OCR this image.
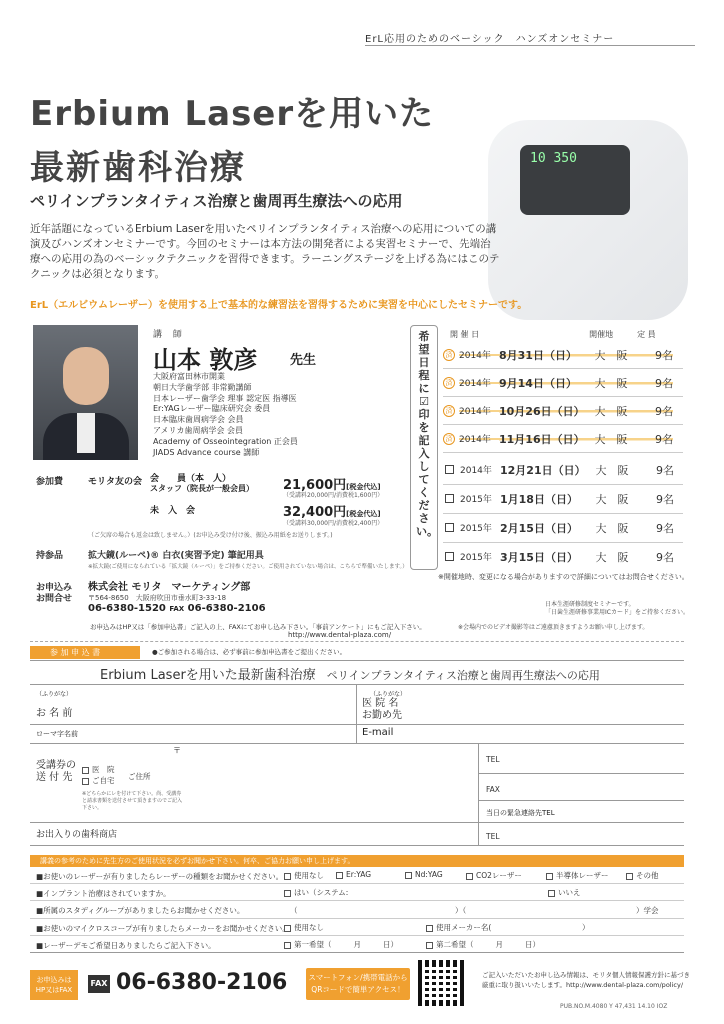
ErL応用のためのベーシック　ハンズオンセミナー
10 350
Erbium Laserを用いた
最新歯科治療
ペリインプランタイティス治療と歯周再生療法への応用
近年話題になっているErbium Laserを用いたペリインプランタイティス治療への応用についての講演及びハンズオンセミナーです。今回のセミナーは本方法の開発者による実習セミナーで、先端治療への応用の為のベーシックテクニックを習得できます。ラーニングステージを上げる為にはこのテクニックは必須となります。
ErL（エルビウムレーザー）を使用する上で基本的な練習法を習得するために実習を中心にしたセミナーです。
講 師
山本 敦彦	先生
大阪府富田林市開業
朝日大学歯学部 非常勤講師
日本レーザー歯学会 理事 認定医 指導医
Er:YAGレーザー臨床研究会 委員
日本臨床歯周病学会 会員
アメリカ歯周病学会 会員
Academy of Osseointegration 正会員
JIADS Advance course 講師
希望日程に☑印を記入してください。
開 催 日	開催地	定 員
済 2014年 8月31日（日）	大　阪	9名
済 2014年 9月14日（日）	大　阪	9名
済 2014年 10月26日（日） 大　阪	9名
済 2014年 11月16日（日） 大　阪	9名
2014年 12月21日（日） 大　阪	9名
2015年 1月18日（日）	大　阪	9名
2015年 2月15日（日）	大　阪	9名
2015年 3月15日（日）	大　阪	9名
※開催地時、変更になる場合がありますので詳細についてはお問合せください。
参加費	モリタ友の会 会　　員（本　人）
スタッフ（院長が一般会員） 21,600円[税金代込]
（受講料20,000円/消費税1,600円）
未　入　会	32,400円[税金代込]
（受講料30,000円/消費税2,400円）
（ご欠席の場合も返金は致しません。）(お申込み受け付け後、振込み用紙をお送りします。)
持参品	拡大鏡(ルーペ)® 白衣(実習予定) 筆記用具
※拡大鏡(ご使用になられている「拡大鏡（ルーペ）」をご持参ください。ご使用されていない場合は、こちらで準備いたします。）
お申込み
お問合せ
株式会社 モリタ　 マーケティング部
〒564-8650　大阪府吹田市垂水町3-33-18
06-6380-1520 FAX 06-6380-2106	日本生涯研修制度セミナーです。
「日歯生涯研修事業用ICカード」をご持参ください。
お申込みはHP又は「参加申込書」ご記入の上、FAXにてお申し込み下さい。「事前アンケート」にもご記入下さい。	※会場内でのビデオ撮影等はご遠慮頂きますようお願い申し上げます。
http://www.dental-plaza.com/
参 加 申 込 書	●ご参加される場合は、必ず事前に参加申込書をご提出ください。
Erbium Laserを用いた最新歯科治療　 ペリインプランタイティス治療と歯周再生療法への応用
（ふりがな）
お 名 前
（ふりがな）
医 院 名
お勤め先
ローマ字名前	E-mail
〒
受講券の
送 付 先
医　院
ご自宅 ご住所
※どちらかにレを付けて下さい。尚、受講券と請求書類を送付させて頂きますのでご記入下さい。
TEL
FAX
当日の緊急連絡先TEL
お出入りの歯科商店	TEL
講義の参考のために先生方のご使用状況を必ずお聞かせ下さい。何卒、ご協力お願い申し上げます。
■お使いのレーザーが有りましたらレーザーの種類をお聞かせください。	使用なし	Er:YAG	Nd:YAG	CO2レーザー	半導体レーザー	その他
■インプラント治療はされていますか。	はい（システム:	いいえ
■所属のスタディグループがありましたらお聞かせください。	（	）（	）学会
■お使いのマイクロスコープが有りましたらメーカーをお聞かせください。 使用なし	使用メーカー名(	）
■レーザーデモご希望日ありましたらご記入下さい。	第一希望（	月	日）	第二希望（	月	日）
お申込みは
HP又はFAX
FAX 06-6380-2106	スマートフォン/携帯電話から
QRコードで簡単アクセス！
ご記入いただいたお申し込み情報は、モリタ個人情報保護方針に基づき厳重に取り扱いいたします。http://www.dental-plaza.com/policy/
PUB.NO.M.4080 Y 47,431 14.10 IOZ
